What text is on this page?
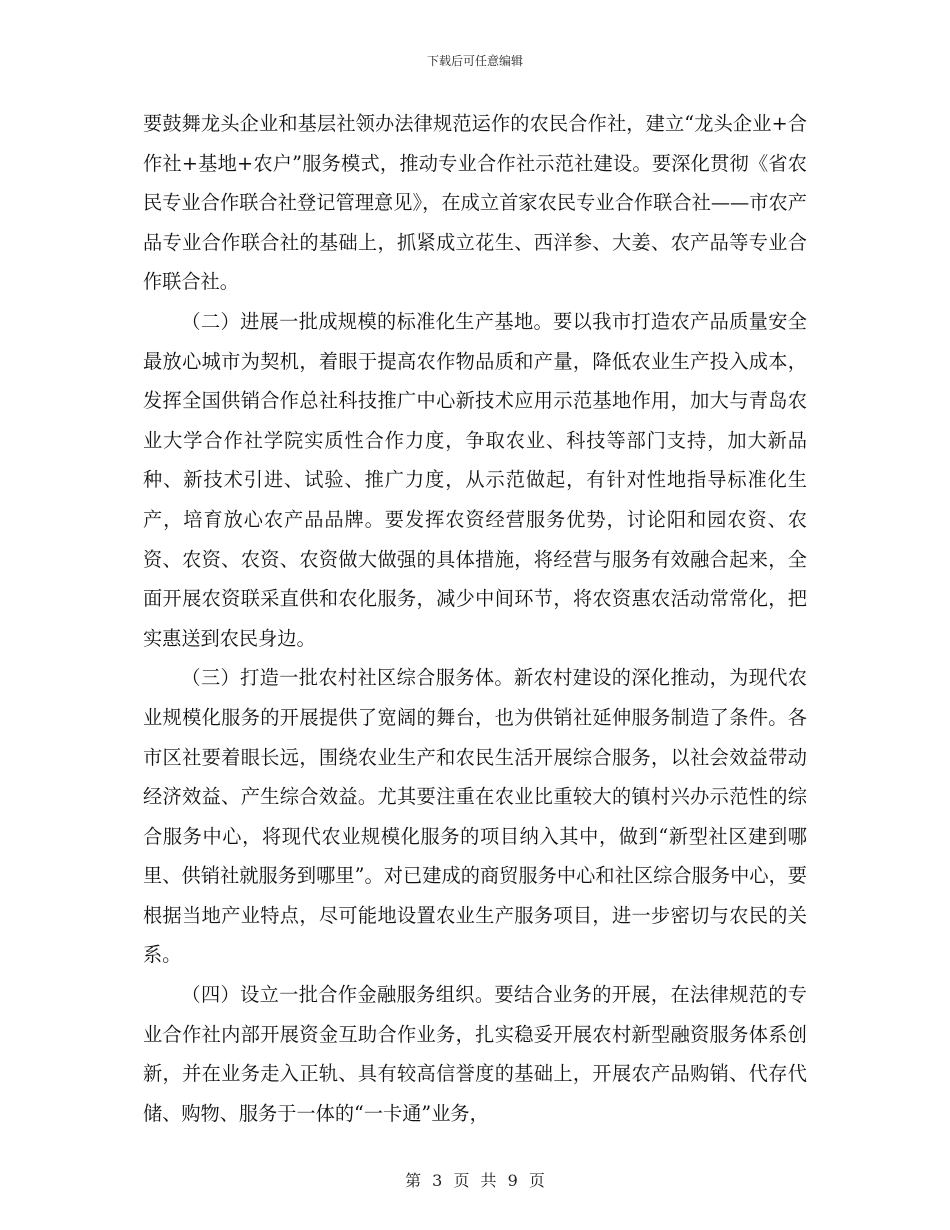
下载后可任意编辑

要鼓舞龙头企业和基层社领办法律规范运作的农民合作社，建立“龙头企业+合作社+基地+农户”服务模式，推动专业合作社示范社建设。要深化贯彻《省农民专业合作联合社登记管理意见》，在成立首家农民专业合作联合社——市农产品专业合作联合社的基础上，抓紧成立花生、西洋参、大姜、农产品等专业合作联合社。

（二）进展一批成规模的标准化生产基地。要以我市打造农产品质量安全最放心城市为契机，着眼于提高农作物品质和产量，降低农业生产投入成本，发挥全国供销合作总社科技推广中心新技术应用示范基地作用，加大与青岛农业大学合作社学院实质性合作力度，争取农业、科技等部门支持，加大新品种、新技术引进、试验、推广力度，从示范做起，有针对性地指导标准化生产，培育放心农产品品牌。要发挥农资经营服务优势，讨论阳和园农资、农资、农资、农资、农资做大做强的具体措施，将经营与服务有效融合起来，全面开展农资联采直供和农化服务，减少中间环节，将农资惠农活动常常化，把实惠送到农民身边。

（三）打造一批农村社区综合服务体。新农村建设的深化推动，为现代农业规模化服务的开展提供了宽阔的舞台，也为供销社延伸服务制造了条件。各市区社要着眼长远，围绕农业生产和农民生活开展综合服务，以社会效益带动经济效益、产生综合效益。尤其要注重在农业比重较大的镇村兴办示范性的综合服务中心，将现代农业规模化服务的项目纳入其中，做到“新型社区建到哪里、供销社就服务到哪里”。对已建成的商贸服务中心和社区综合服务中心，要根据当地产业特点，尽可能地设置农业生产服务项目，进一步密切与农民的关系。

（四）设立一批合作金融服务组织。要结合业务的开展，在法律规范的专业合作社内部开展资金互助合作业务，扎实稳妥开展农村新型融资服务体系创新，并在业务走入正轨、具有较高信誉度的基础上，开展农产品购销、代存代储、购物、服务于一体的“一卡通”业务，

第 3 页 共 9 页
